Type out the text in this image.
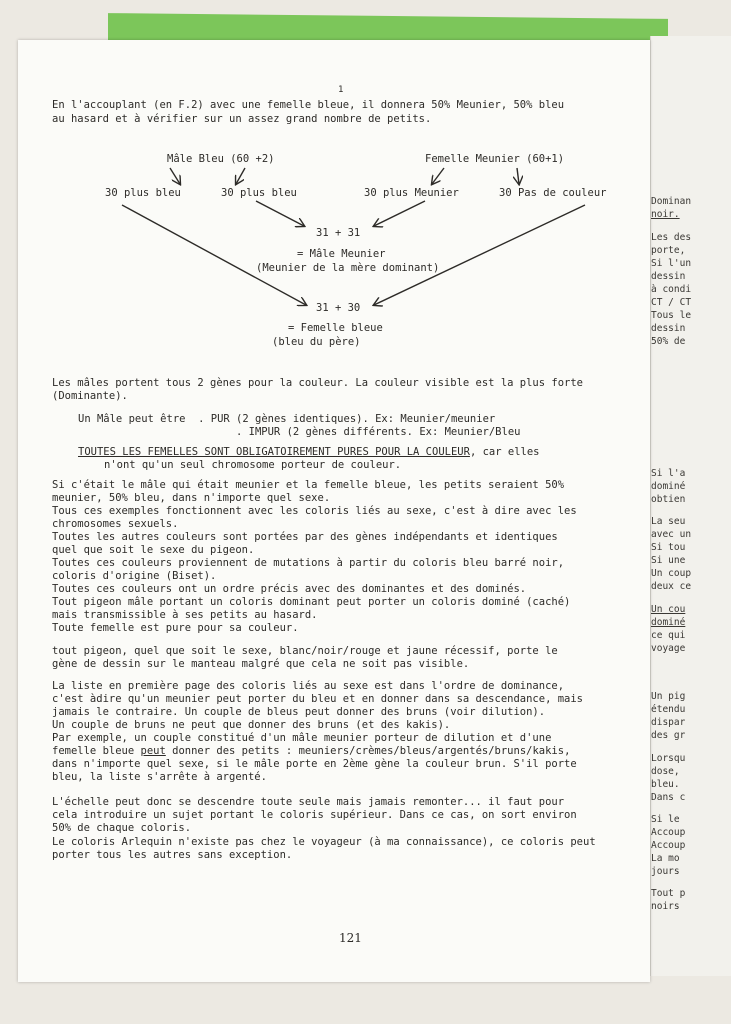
Dominan
noir.
Les des
porte,
Si l'un
dessin
à condi
CT / CT
Tous le
dessin
50% de
Si l'a
dominé
obtien
La seu
avec un
Si tou
Si une
Un coup
deux ce
Un cou
dominé
ce qui
voyage
Un pig
étendu
dispar
des gr
Lorsqu
dose,
bleu.
Dans c
Si le
Accoup
Accoup
La mo
jours
Tout p
noirs
1
En l'accouplant (en F.2) avec une femelle bleue, il donnera 50% Meunier, 50% bleu
au hasard et à vérifier sur un assez grand nombre de petits.
Mâle Bleu (60 +2)	Femelle Meunier (60+1)
30 plus bleu	30 plus bleu	30 plus Meunier	30 Pas de couleur
31 + 31
= Mâle Meunier
(Meunier de la mère dominant)
31 + 30
= Femelle bleue
(bleu du père)
Les mâles portent tous 2 gènes pour la couleur. La couleur visible est la plus forte
(Dominante).
Un Mâle peut être  . PUR (2 gènes identiques). Ex: Meunier/meunier
. IMPUR (2 gènes différents. Ex: Meunier/Bleu
TOUTES LES FEMELLES SONT OBLIGATOIREMENT PURES POUR LA COULEUR, car elles
n'ont qu'un seul chromosome porteur de couleur.
Si c'était le mâle qui était meunier et la femelle bleue, les petits seraient 50%
meunier, 50% bleu, dans n'importe quel sexe.
Tous ces exemples fonctionnent avec les coloris liés au sexe, c'est à dire avec les
chromosomes sexuels.
Toutes les autres couleurs sont portées par des gènes indépendants et identiques
quel que soit le sexe du pigeon.
Toutes ces couleurs proviennent de mutations à partir du coloris bleu barré noir,
coloris d'origine (Biset).
Toutes ces couleurs ont un ordre précis avec des dominantes et des dominés.
Tout pigeon mâle portant un coloris dominant peut porter un coloris dominé (caché)
mais transmissible à ses petits au hasard.
Toute femelle est pure pour sa couleur.
tout pigeon, quel que soit le sexe, blanc/noir/rouge et jaune récessif, porte le
gène de dessin sur le manteau malgré que cela ne soit pas visible.
La liste en première page des coloris liés au sexe est dans l'ordre de dominance,
c'est àdire qu'un meunier peut porter du bleu et en donner dans sa descendance, mais
jamais le contraire. Un couple de bleus peut donner des bruns (voir dilution).
Un couple de bruns ne peut que donner des bruns (et des kakis).
Par exemple, un couple constitué d'un mâle meunier porteur de dilution et d'une
femelle bleue peut donner des petits : meuniers/crèmes/bleus/argentés/bruns/kakis,
dans n'importe quel sexe, si le mâle porte en 2ème gène la couleur brun. S'il porte
bleu, la liste s'arrête à argenté.
L'échelle peut donc se descendre toute seule mais jamais remonter... il faut pour
cela introduire un sujet portant le coloris supérieur. Dans ce cas, on sort environ
50% de chaque coloris.
Le coloris Arlequin n'existe pas chez le voyageur (à ma connaissance), ce coloris peut
porter tous les autres sans exception.
121
